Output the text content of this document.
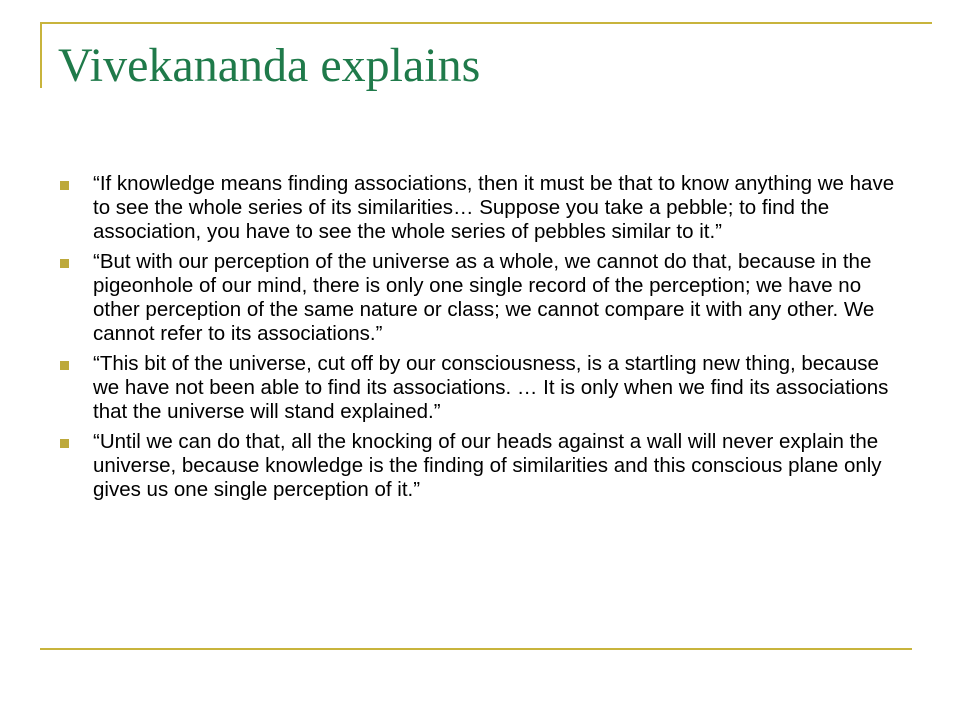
Vivekananda explains
“If knowledge means finding associations, then it must be that to know anything we have to see the whole series of its similarities… Suppose you take a pebble; to find the association, you have to see the whole series of pebbles similar to it.”
“But with our perception of the universe as a whole, we cannot do that, because in the pigeonhole of our mind, there is only one single record of the perception; we have no other perception of the same nature or class; we cannot compare it with any other. We cannot refer to its associations.”
“This bit of the universe, cut off by our consciousness, is a startling new thing, because we have not been able to find its associations. … It is only when we find its associations that the universe will stand explained.”
“Until we can do that, all the knocking of our heads against a wall will never explain the universe, because knowledge is the finding of similarities and this conscious plane only gives us one single perception of it.”
